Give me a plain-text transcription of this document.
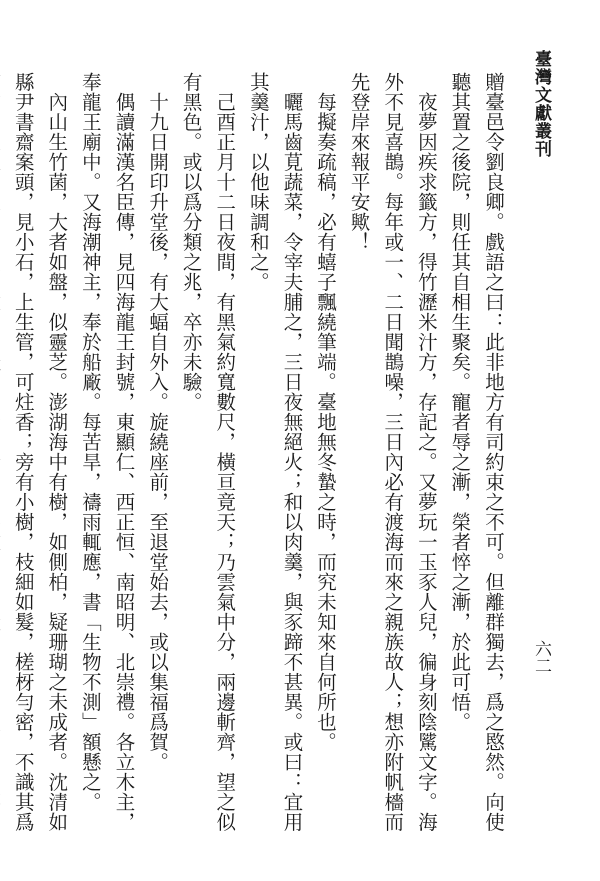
臺灣文獻叢刊
六二

贈臺邑令劉良卿。戲語之曰：此非地方有司約束之不可。但離群獨去，爲之愍然。向使聽其置之後院，則任其自相生聚矣。寵者辱之漸，榮者悴之漸，於此可悟。

　夜夢因疾求籤方，得竹瀝米汁方，存記之。又夢玩一玉豕人兒，徧身刻陰騭文字。海外不見喜鵲。每年或一、二日聞鵲噪，三日內必有渡海而來之親族故人；想亦附帆檣而先登岸來報平安歟！

　每擬奏疏稿，必有蟢子飄繞筆端。臺地無冬蟄之時，而究未知來自何所也。

　曬馬齒莧蔬菜，令宰夫脯之，三日夜無絕火；和以肉羹，與豕蹄不甚異。或曰：宜用其羹汁，以他味調和之。

　己酉正月十二日夜間，有黑氣約寬數尺，橫亘竟天；乃雲氣中分，兩邊斬齊，望之似有黑色。或以爲分類之兆，卒亦未驗。

　十九日開印升堂後，有大蝠自外入。旋繞座前，至退堂始去，或以集福爲賀。

　偶讀滿漢名臣傳，見四海龍王封號，東顯仁、西正恒、南昭明、北崇禮。各立木主，奉龍王廟中。又海潮神主，奉於船廠。每苦旱，禱雨輒應，書「生物不測」額懸之。

　內山生竹菌，大者如盤，似靈芝。澎湖海中有樹，如側柏，疑珊瑚之未成者。沈清如縣尹書齋案頭，見小石，上生管，可炷香；旁有小樹，枝細如髮，槎枒勻密，不識其爲
